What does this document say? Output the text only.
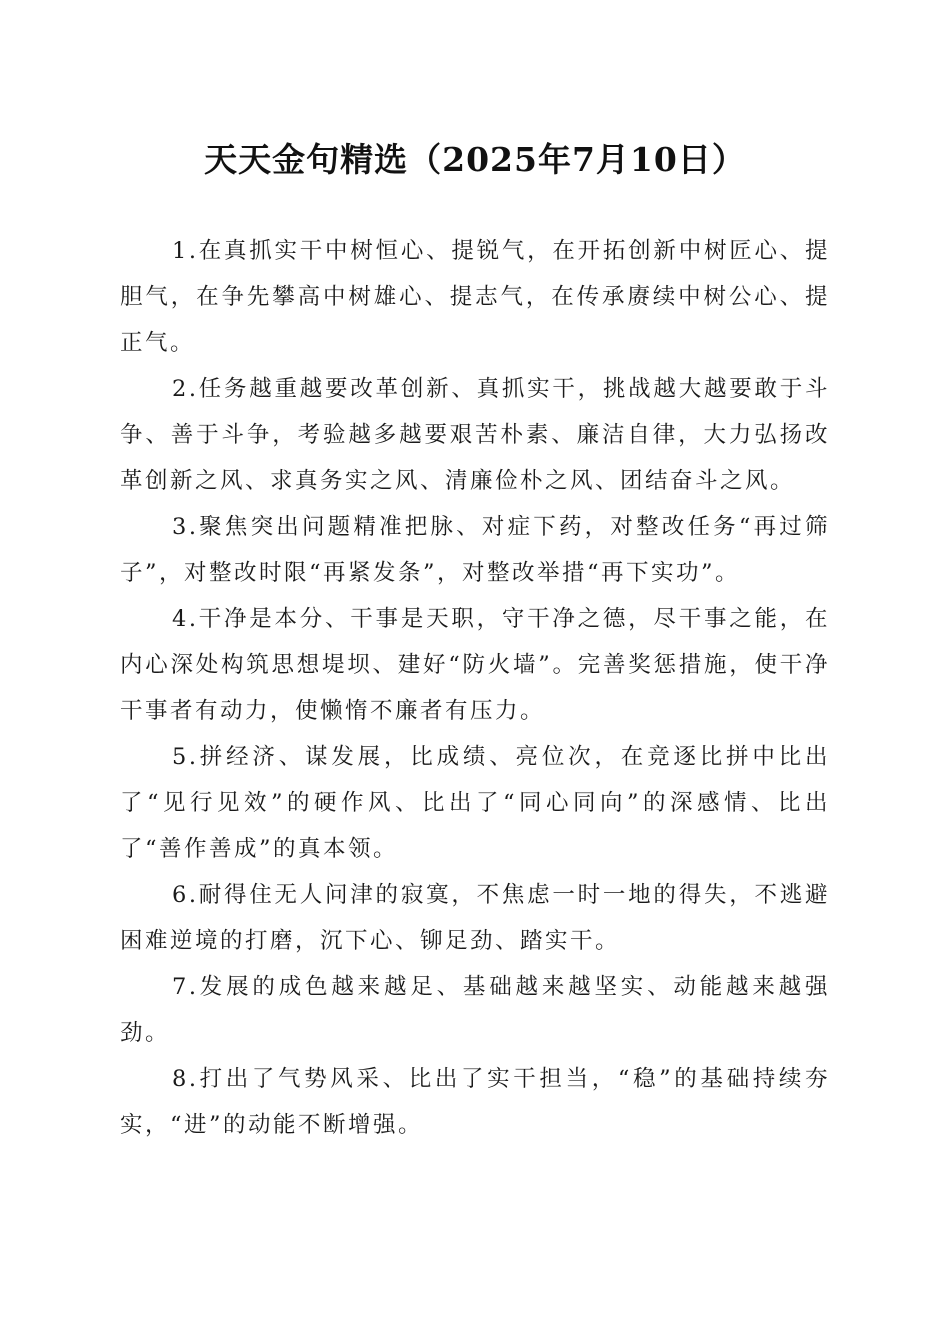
天天金句精选（2025年7月10日）

1.在真抓实干中树恒心、提锐气，在开拓创新中树匠心、提胆气，在争先攀高中树雄心、提志气，在传承赓续中树公心、提正气。

2.任务越重越要改革创新、真抓实干，挑战越大越要敢于斗争、善于斗争，考验越多越要艰苦朴素、廉洁自律，大力弘扬改革创新之风、求真务实之风、清廉俭朴之风、团结奋斗之风。

3.聚焦突出问题精准把脉、对症下药，对整改任务“再过筛子”，对整改时限“再紧发条”，对整改举措“再下实功”。

4.干净是本分、干事是天职，守干净之德，尽干事之能，在内心深处构筑思想堤坝、建好“防火墙”。完善奖惩措施，使干净干事者有动力，使懒惰不廉者有压力。

5.拼经济、谋发展，比成绩、亮位次，在竞逐比拼中比出了“见行见效”的硬作风、比出了“同心同向”的深感情、比出了“善作善成”的真本领。

6.耐得住无人问津的寂寞，不焦虑一时一地的得失，不逃避困难逆境的打磨，沉下心、铆足劲、踏实干。

7.发展的成色越来越足、基础越来越坚实、动能越来越强劲。

8.打出了气势风采、比出了实干担当，“稳”的基础持续夯实，“进”的动能不断增强。
